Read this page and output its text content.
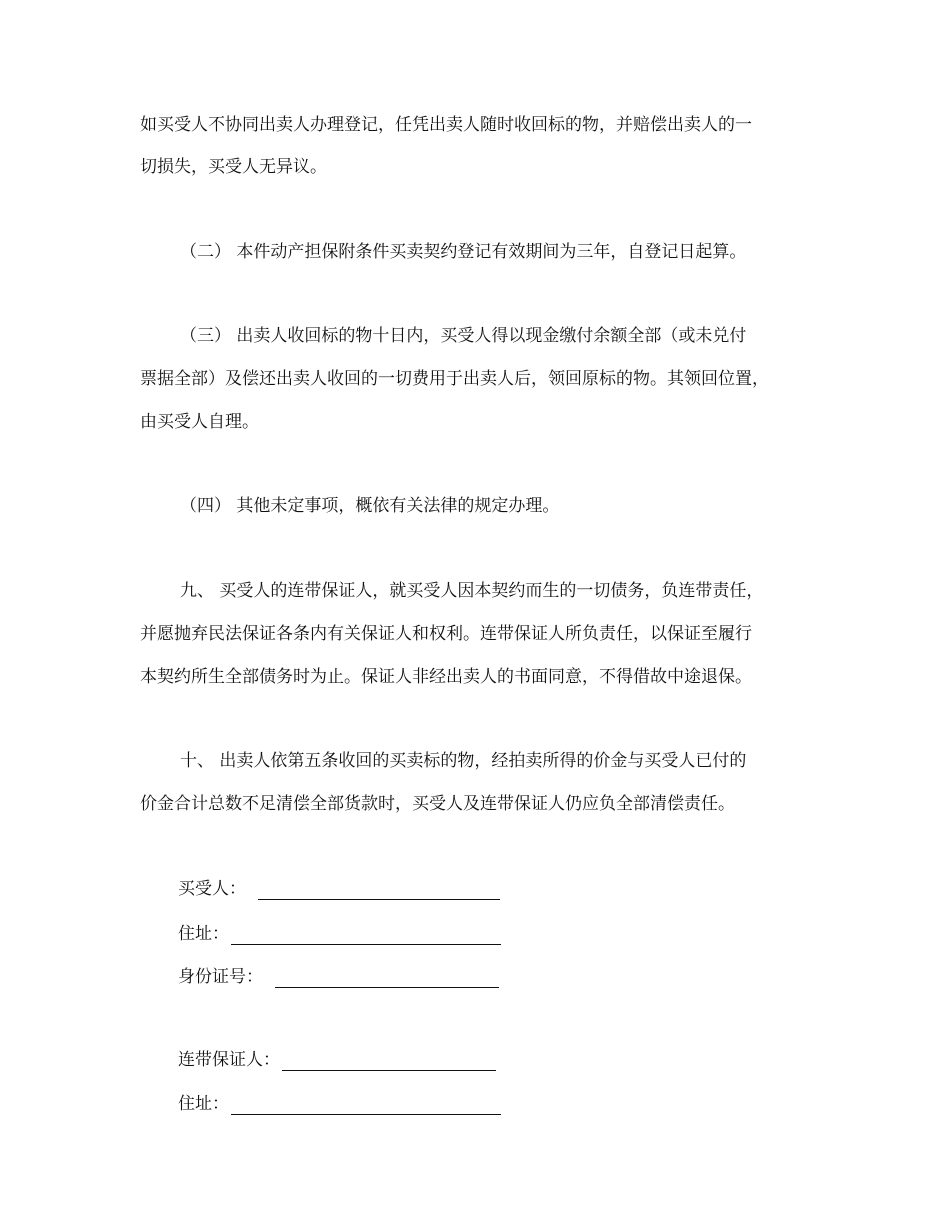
如买受人不协同出卖人办理登记，任凭出卖人随时收回标的物，并赔偿出卖人的一
切损失，买受人无异议。
（二） 本件动产担保附条件买卖契约登记有效期间为三年，自登记日起算。
（三） 出卖人收回标的物十日内，买受人得以现金缴付余额全部（或未兑付
票据全部）及偿还出卖人收回的一切费用于出卖人后，领回原标的物。其领回位置，
由买受人自理。
（四） 其他未定事项，概依有关法律的规定办理。
九、 买受人的连带保证人，就买受人因本契约而生的一切债务，负连带责任，
并愿抛弃民法保证各条内有关保证人和权利。连带保证人所负责任，以保证至履行
本契约所生全部债务时为止。保证人非经出卖人的书面同意，不得借故中途退保。
十、 出卖人依第五条收回的买卖标的物，经拍卖所得的价金与买受人已付的
价金合计总数不足清偿全部货款时，买受人及连带保证人仍应负全部清偿责任。
买受人：
住址：
身份证号：
连带保证人：
住址：
